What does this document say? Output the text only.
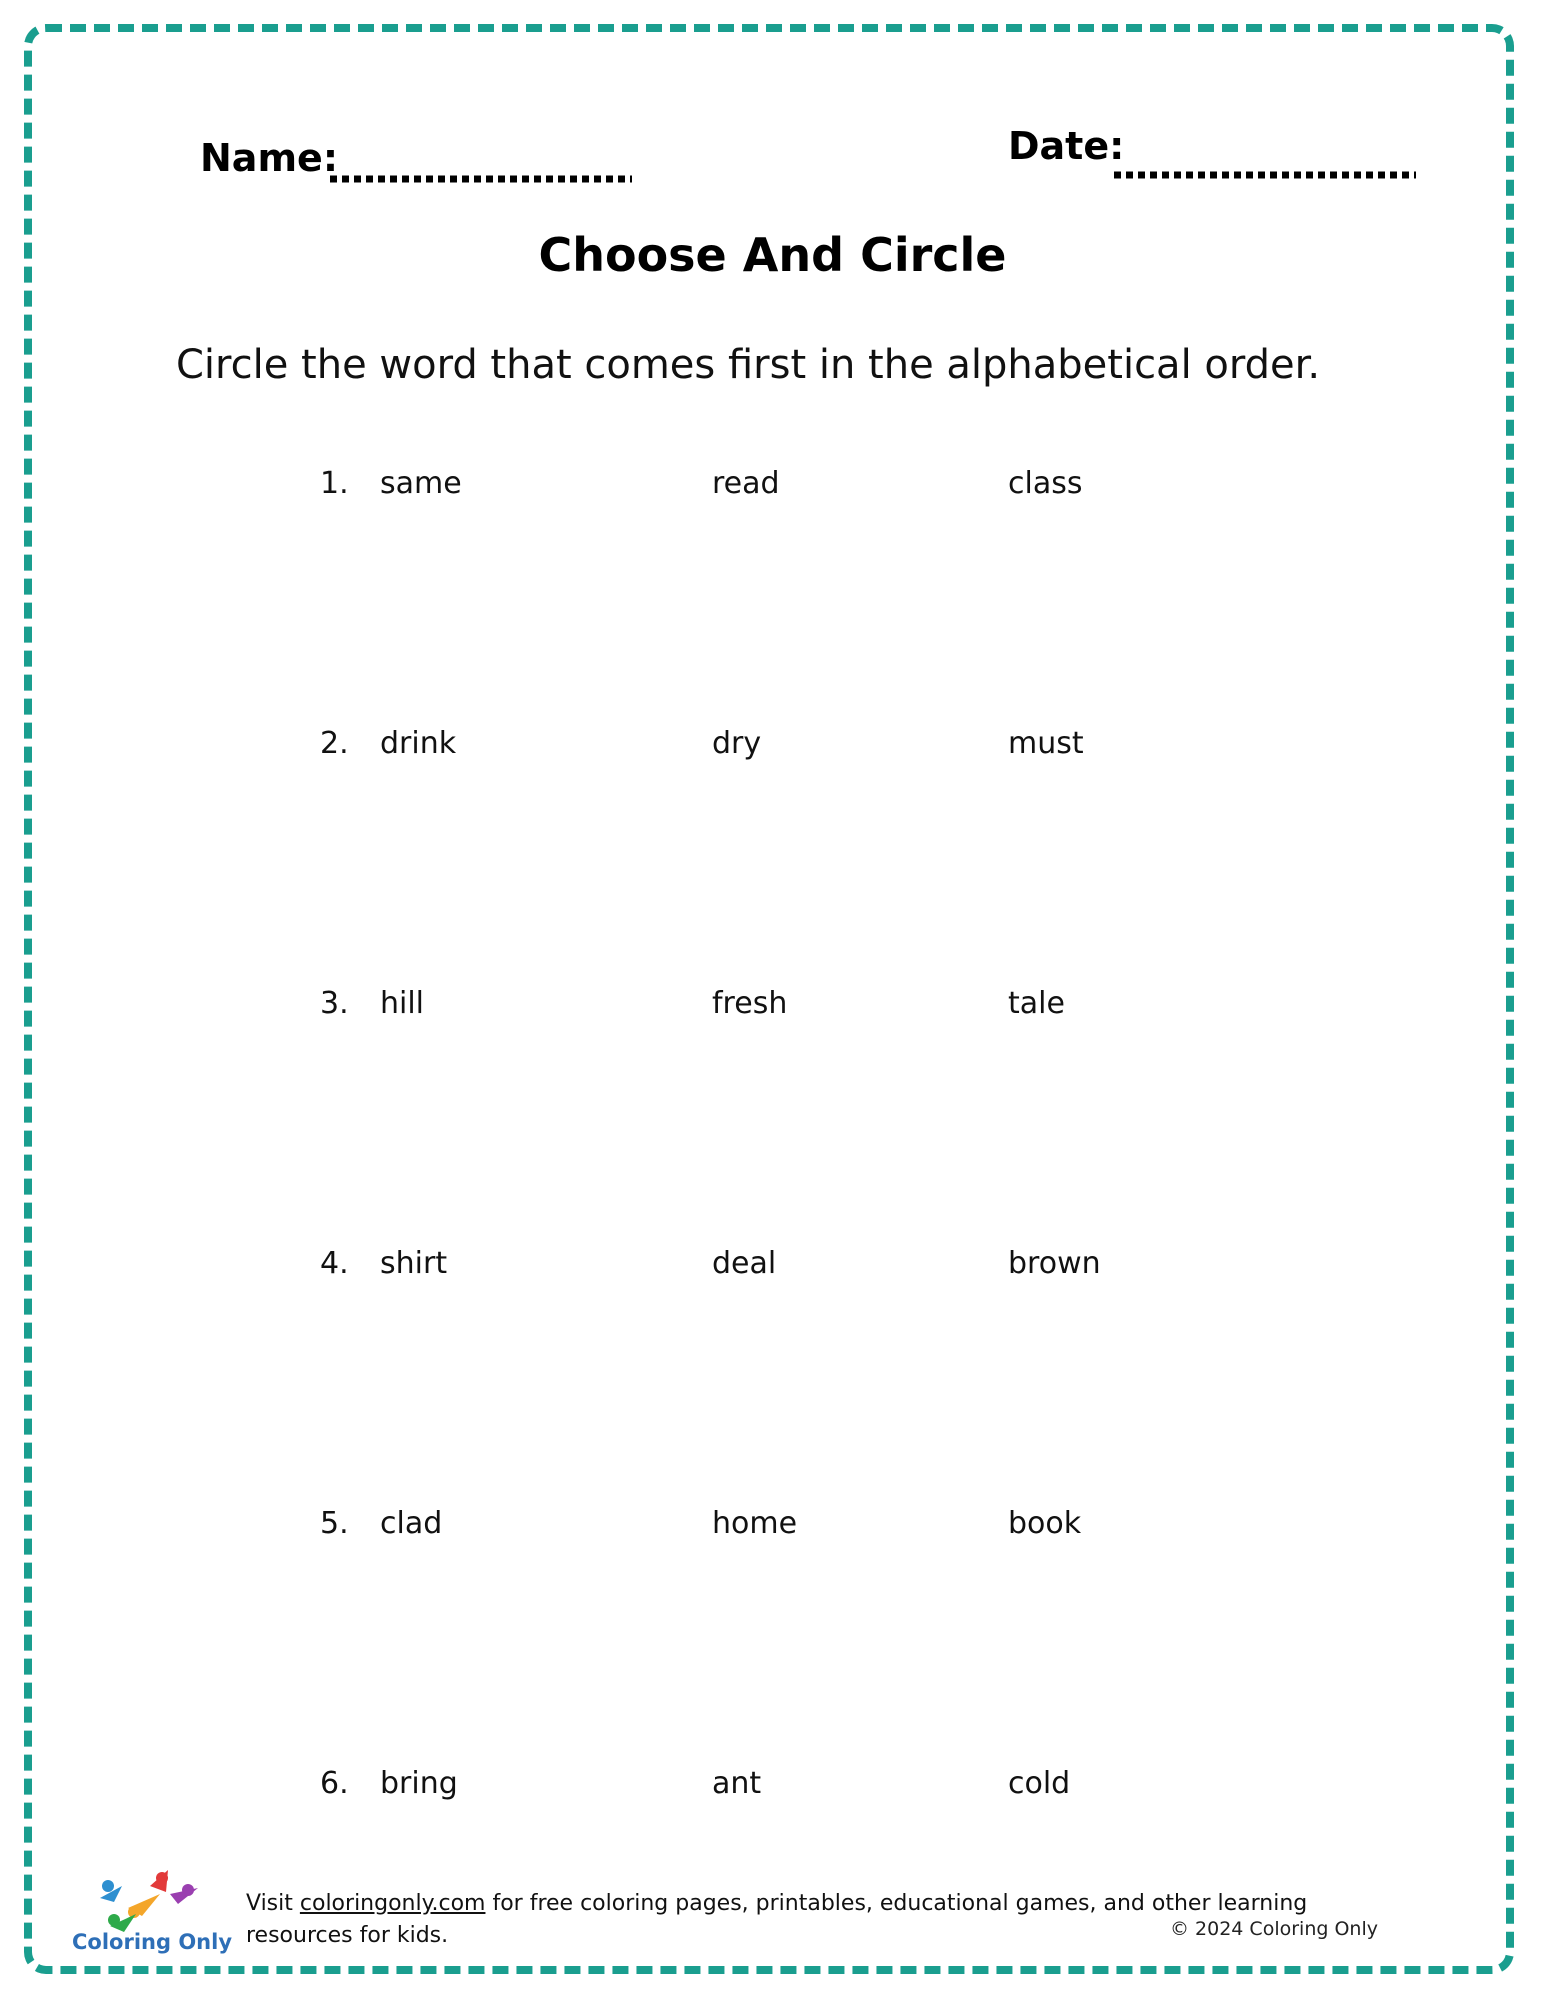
Name:	Date:
Choose And Circle
Circle the word that comes first in the alphabetical order.
1. same	read	class
2. drink	dry	must
3. hill	fresh	tale
4. shirt	deal	brown
5. clad	home	book
6. bring	ant	cold
Coloring Only
Visit coloringonly.com for free coloring pages, printables, educational games, and other learning resources for kids.	© 2024 Coloring Only
